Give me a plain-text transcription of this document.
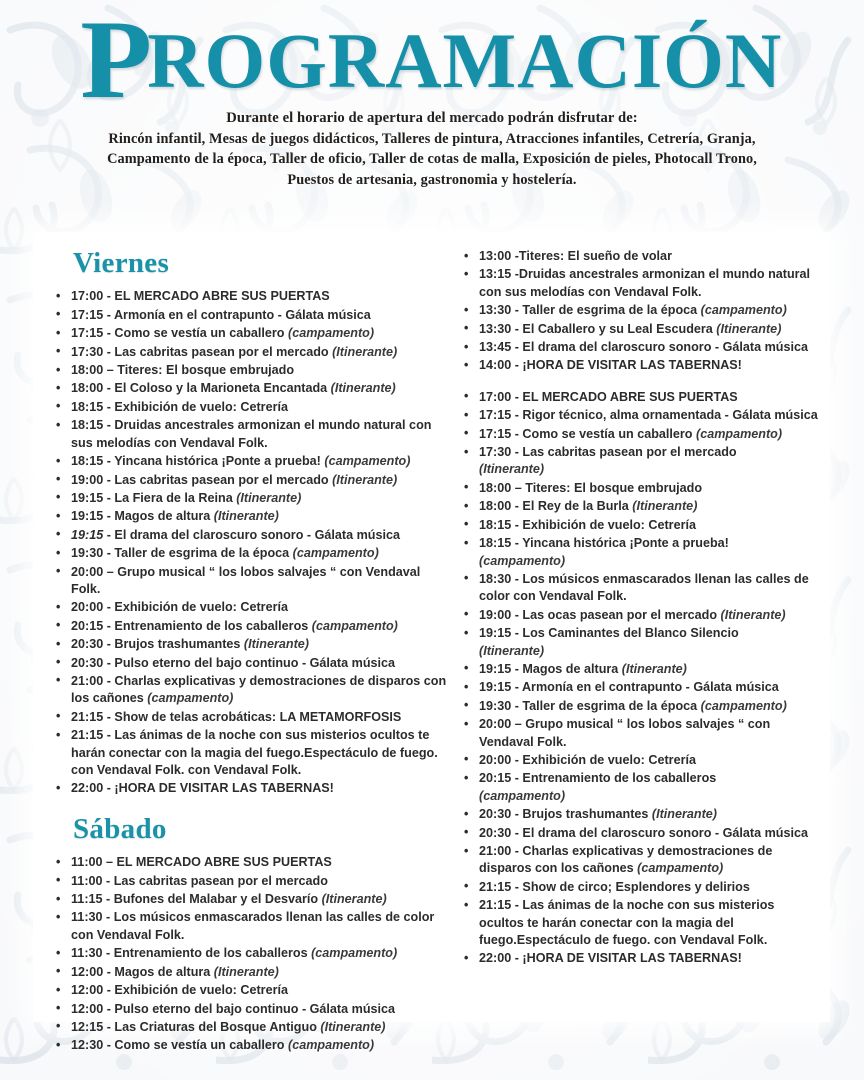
PROGRAMACIÓN

Durante el horario de apertura del mercado podrán disfrutar de:

Rincón infantil, Mesas de juegos didácticos, Talleres de pintura, Atracciones infantiles, Cetrería, Granja,

Campamento de la época, Taller de oficio, Taller de cotas de malla, Exposición de pieles, Photocall Trono,

Puestos de artesania, gastronomia y hostelería.

Viernes
• 17:00 - EL MERCADO ABRE SUS PUERTAS
• 17:15 - Armonía en el contrapunto - Gálata música
• 17:15 - Como se vestía un caballero (campamento)
• 17:30 - Las cabritas pasean por el mercado (Itinerante)
• 18:00 – Titeres: El bosque embrujado
• 18:00 - El Coloso y la Marioneta Encantada (Itinerante)
• 18:15 - Exhibición de vuelo: Cetrería
• 18:15 - Druidas ancestrales armonizan el mundo natural con sus melodías con Vendaval Folk.
• 18:15 - Yincana histórica ¡Ponte a prueba! (campamento)
• 19:00 - Las cabritas pasean por el mercado (Itinerante)
• 19:15 - La Fiera de la Reina (Itinerante)
• 19:15 - Magos de altura (Itinerante)
• 19:15 - El drama del claroscuro sonoro - Gálata música
• 19:30 - Taller de esgrima de la época (campamento)
• 20:00 – Grupo musical “ los lobos salvajes “ con Vendaval Folk.
• 20:00 - Exhibición de vuelo: Cetrería
• 20:15 - Entrenamiento de los caballeros (campamento)
• 20:30 - Brujos trashumantes (Itinerante)
• 20:30 - Pulso eterno del bajo continuo - Gálata música
• 21:00 - Charlas explicativas y demostraciones de disparos con los cañones (campamento)
• 21:15 - Show de telas acrobáticas: LA METAMORFOSIS
• 21:15 - Las ánimas de la noche con sus misterios ocultos te harán conectar con la magia del fuego.Espectáculo de fuego. con Vendaval Folk. con Vendaval Folk.
• 22:00 - ¡HORA DE VISITAR LAS TABERNAS!
Sábado
• 11:00 – EL MERCADO ABRE SUS PUERTAS
• 11:00 - Las cabritas pasean por el mercado
• 11:15 - Bufones del Malabar y el Desvarío (Itinerante)
• 11:30 - Los músicos enmascarados llenan las calles de color con Vendaval Folk.
• 11:30 - Entrenamiento de los caballeros (campamento)
• 12:00 - Magos de altura (Itinerante)
• 12:00 - Exhibición de vuelo: Cetrería
• 12:00 - Pulso eterno del bajo continuo - Gálata música
• 12:15 - Las Criaturas del Bosque Antiguo (Itinerante)
• 12:30 - Como se vestía un caballero (campamento)
• 13:00 -Titeres: El sueño de volar
• 13:15 -Druidas ancestrales armonizan el mundo natural con sus melodías con Vendaval Folk.
• 13:30 - Taller de esgrima de la época (campamento)
• 13:30 - El Caballero y su Leal Escudera (Itinerante)
• 13:45 - El drama del claroscuro sonoro - Gálata música
• 14:00 - ¡HORA DE VISITAR LAS TABERNAS!
• 17:00 - EL MERCADO ABRE SUS PUERTAS
• 17:15 - Rigor técnico, alma ornamentada - Gálata música
• 17:15 - Como se vestía un caballero (campamento)
• 17:30 - Las cabritas pasean por el mercado
(Itinerante)
• 18:00 – Titeres: El bosque embrujado
• 18:00 - El Rey de la Burla (Itinerante)
• 18:15 - Exhibición de vuelo: Cetrería
• 18:15 - Yincana histórica ¡Ponte a prueba!
(campamento)
• 18:30 - Los músicos enmascarados llenan las calles de color con Vendaval Folk.
• 19:00 - Las ocas pasean por el mercado (Itinerante)
• 19:15 - Los Caminantes del Blanco Silencio
(Itinerante)
• 19:15 - Magos de altura (Itinerante)
• 19:15 - Armonía en el contrapunto - Gálata música
• 19:30 - Taller de esgrima de la época (campamento)
• 20:00 – Grupo musical “ los lobos salvajes “ con Vendaval Folk.
• 20:00 - Exhibición de vuelo: Cetrería
• 20:15 - Entrenamiento de los caballeros
(campamento)
• 20:30 - Brujos trashumantes (Itinerante)
• 20:30 - El drama del claroscuro sonoro - Gálata música
• 21:00 - Charlas explicativas y demostraciones de disparos con los cañones (campamento)
• 21:15 - Show de circo; Esplendores y delirios
• 21:15 - Las ánimas de la noche con sus misterios ocultos te harán conectar con la magia del fuego.Espectáculo de fuego. con Vendaval Folk.
• 22:00 - ¡HORA DE VISITAR LAS TABERNAS!
